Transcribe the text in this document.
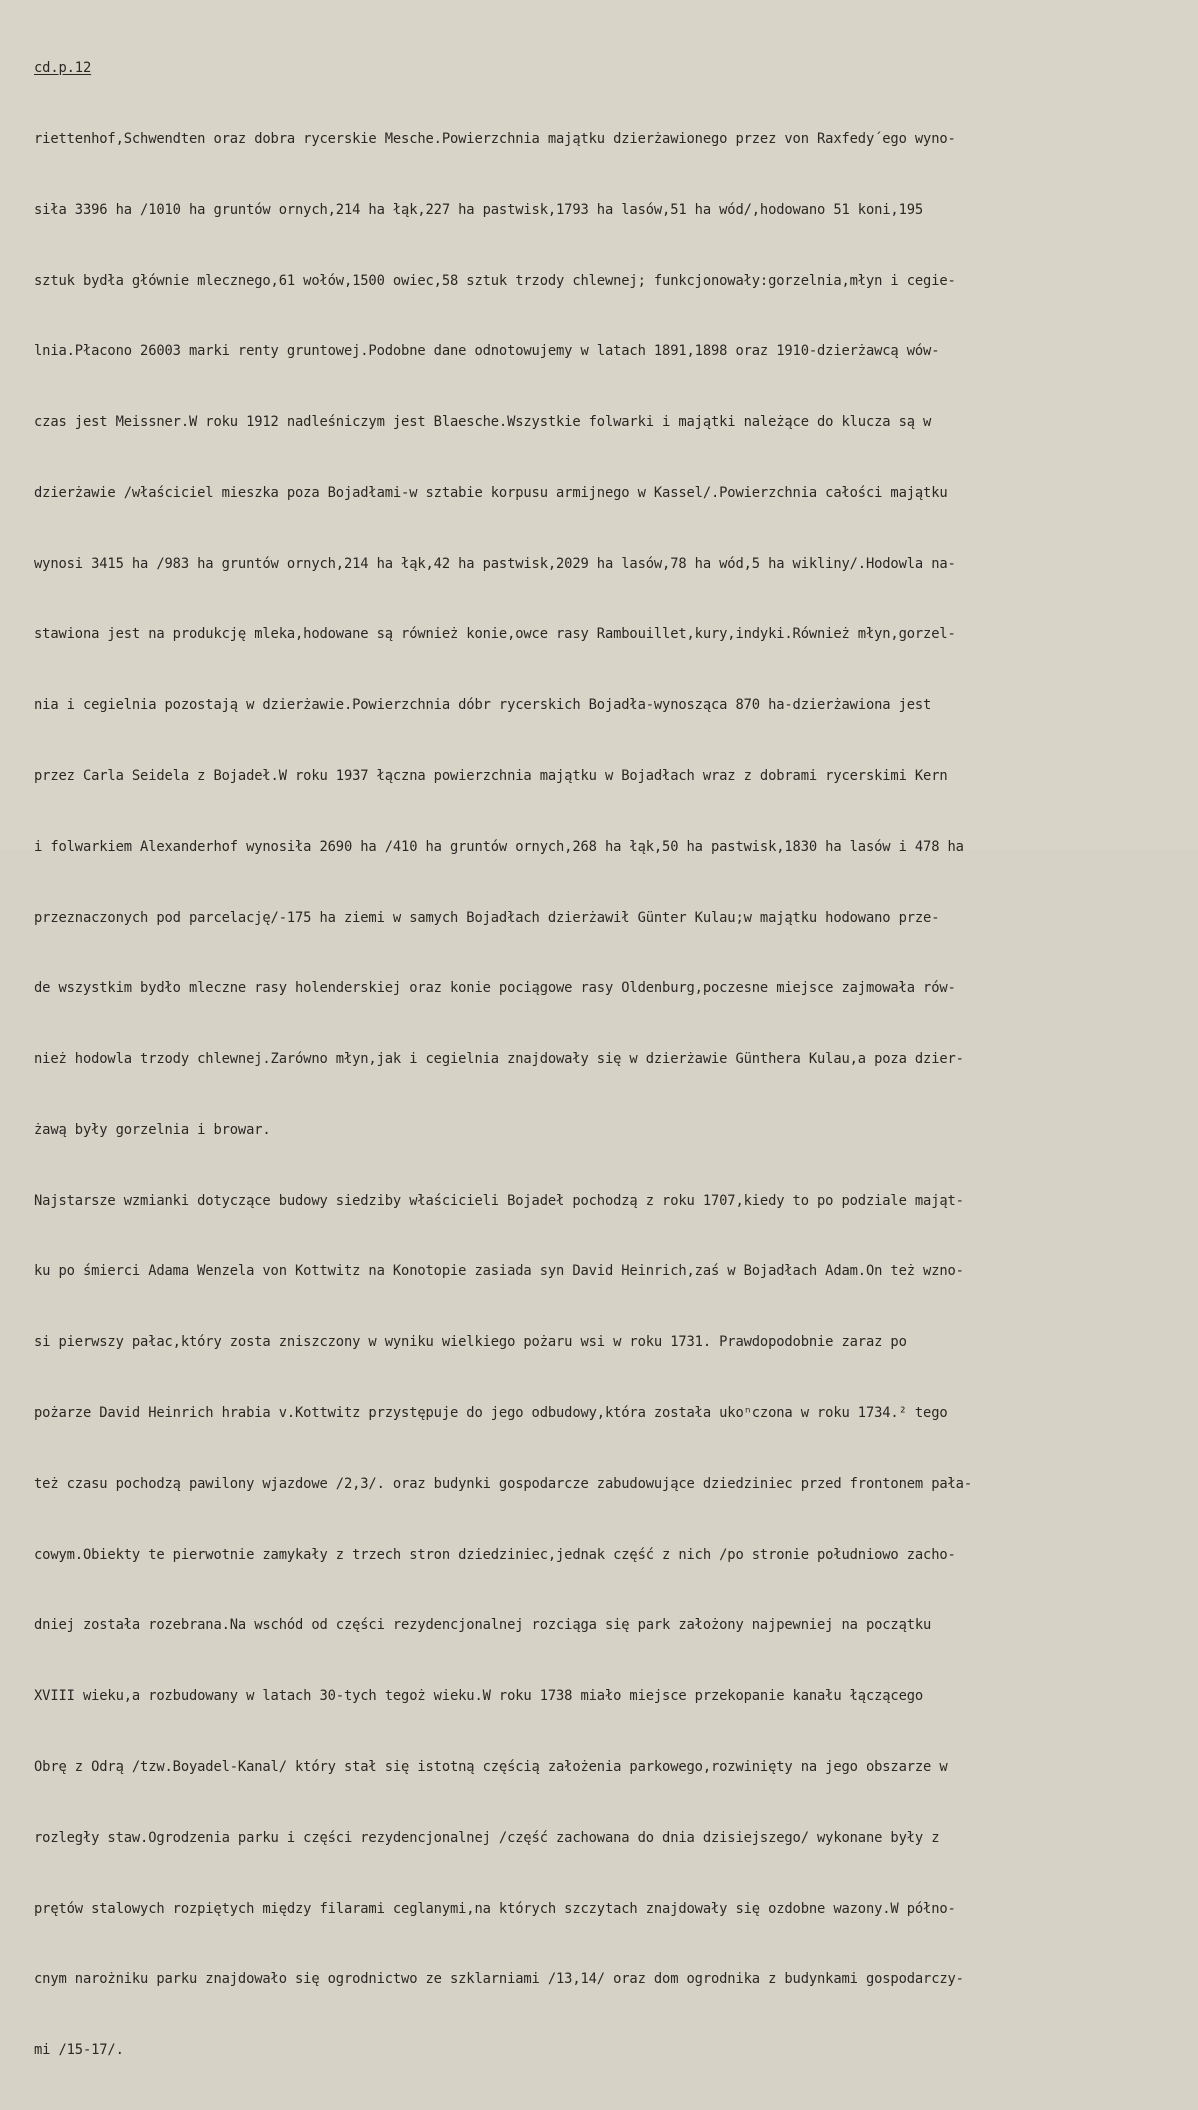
cd.p.12

riettenhof,Schwendten oraz dobra rycerskie Mesche.Powierzchnia majątku dzierżawionego przez von Raxfedy´ego wyno-

siła 3396 ha /1010 ha gruntów ornych,214 ha łąk,227 ha pastwisk,1793 ha lasów,51 ha wód/,hodowano 51 koni,195

sztuk bydła głównie mlecznego,61 wołów,1500 owiec,58 sztuk trzody chlewnej; funkcjonowały:gorzelnia,młyn i cegie-

lnia.Płacono 26003 marki renty gruntowej.Podobne dane odnotowujemy w latach 1891,1898 oraz 1910-dzierżawcą wów-

czas jest Meissner.W roku 1912 nadleśniczym jest Blaesche.Wszystkie folwarki i majątki należące do klucza są w

dzierżawie /właściciel mieszka poza Bojadłami-w sztabie korpusu armijnego w Kassel/.Powierzchnia całości majątku

wynosi 3415 ha /983 ha gruntów ornych,214 ha łąk,42 ha pastwisk,2029 ha lasów,78 ha wód,5 ha wikliny/.Hodowla na-

stawiona jest na produkcję mleka,hodowane są również konie,owce rasy Rambouillet,kury,indyki.Również młyn,gorzel-

nia i cegielnia pozostają w dzierżawie.Powierzchnia dóbr rycerskich Bojadła-wynosząca 870 ha-dzierżawiona jest

przez Carla Seidela z Bojadeł.W roku 1937 łączna powierzchnia majątku w Bojadłach wraz z dobrami rycerskimi Kern

i folwarkiem Alexanderhof wynosiła 2690 ha /410 ha gruntów ornych,268 ha łąk,50 ha pastwisk,1830 ha lasów i 478 ha

przeznaczonych pod parcelację/-175 ha ziemi w samych Bojadłach dzierżawił Günter Kulau;w majątku hodowano prze-

de wszystkim bydło mleczne rasy holenderskiej oraz konie pociągowe rasy Oldenburg,poczesne miejsce zajmowała rów-

nież hodowla trzody chlewnej.Zarówno młyn,jak i cegielnia znajdowały się w dzierżawie Günthera Kulau,a poza dzier-

żawą były gorzelnia i browar.

Najstarsze wzmianki dotyczące budowy siedziby właścicieli Bojadeł pochodzą z roku 1707,kiedy to po podziale mająt-

ku po śmierci Adama Wenzela von Kottwitz na Konotopie zasiada syn David Heinrich,zaś w Bojadłach Adam.On też wzno-

si pierwszy pałac,który zosta zniszczony w wyniku wielkiego pożaru wsi w roku 1731. Prawdopodobnie zaraz po

pożarze David Heinrich hrabia v.Kottwitz przystępuje do jego odbudowy,która została ukoⁿczona w roku 1734.² tego

też czasu pochodzą pawilony wjazdowe /2,3/. oraz budynki gospodarcze zabudowujące dziedziniec przed frontonem pała-

cowym.Obiekty te pierwotnie zamykały z trzech stron dziedziniec,jednak część z nich /po stronie południowo zacho-

dniej została rozebrana.Na wschód od części rezydencjonalnej rozciąga się park założony najpewniej na początku

XVIII wieku,a rozbudowany w latach 30-tych tegoż wieku.W roku 1738 miało miejsce przekopanie kanału łączącego

Obrę z Odrą /tzw.Boyadel-Kanal/ który stał się istotną częścią założenia parkowego,rozwinięty na jego obszarze w

rozległy staw.Ogrodzenia parku i części rezydencjonalnej /część zachowana do dnia dzisiejszego/ wykonane były z

prętów stalowych rozpiętych między filarami ceglanymi,na których szczytach znajdowały się ozdobne wazony.W półno-

cnym narożniku parku znajdowało się ogrodnictwo ze szklarniami /13,14/ oraz dom ogrodnika z budynkami gospodarczy-

mi /15-17/.
